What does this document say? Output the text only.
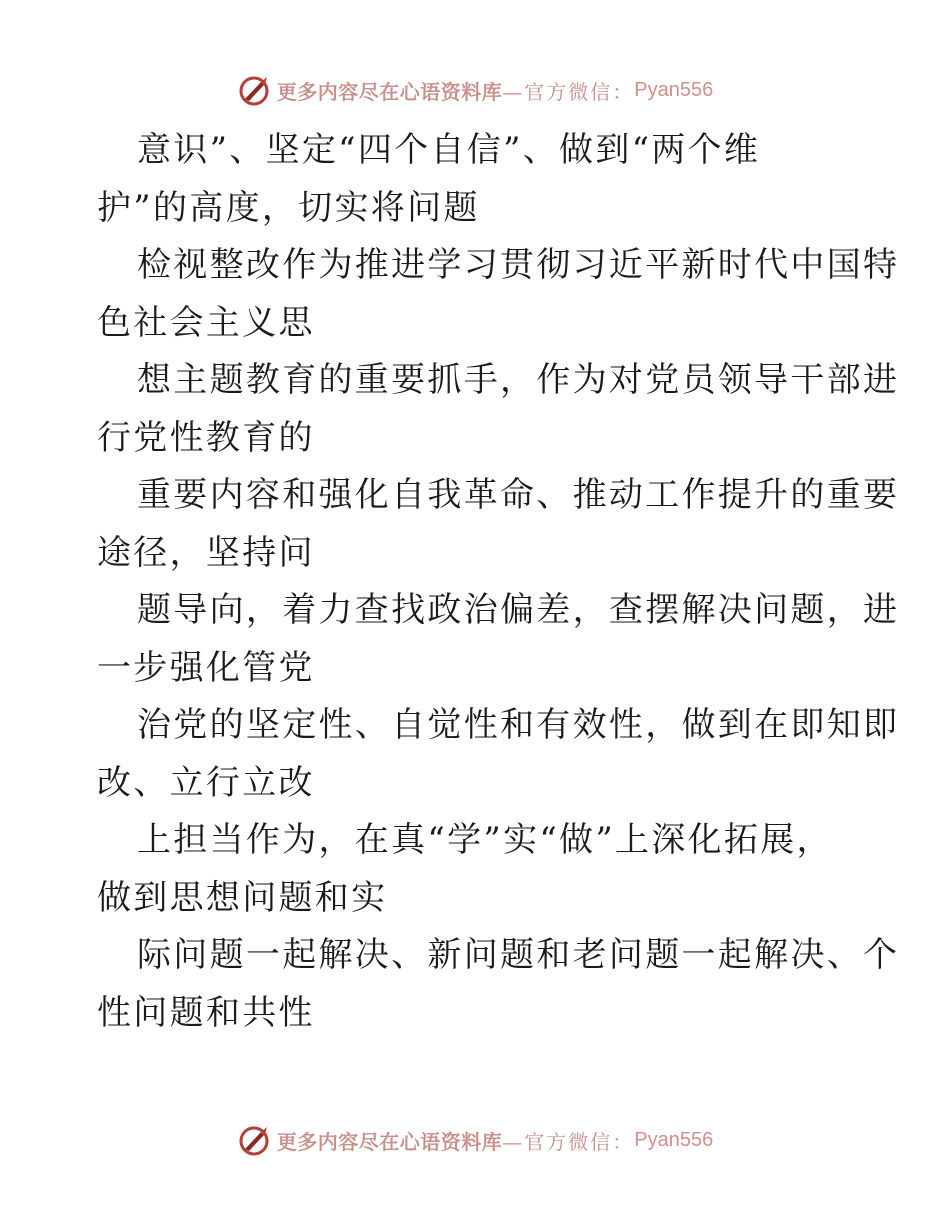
更多内容尽在心语资料库 —官方微信： Pyan556
意识”、坚定“四个自信”、做到“两个维
护”的高度，切实将问题
检视整改作为推进学习贯彻习近平新时代中国特
色社会主义思
想主题教育的重要抓手，作为对党员领导干部进
行党性教育的
重要内容和强化自我革命、推动工作提升的重要
途径，坚持问
题导向，着力查找政治偏差，查摆解决问题，进
一步强化管党
治党的坚定性、自觉性和有效性，做到在即知即
改、立行立改
上担当作为，在真“学”实“做”上深化拓展，
做到思想问题和实
际问题一起解决、新问题和老问题一起解决、个
性问题和共性
更多内容尽在心语资料库 —官方微信： Pyan556
